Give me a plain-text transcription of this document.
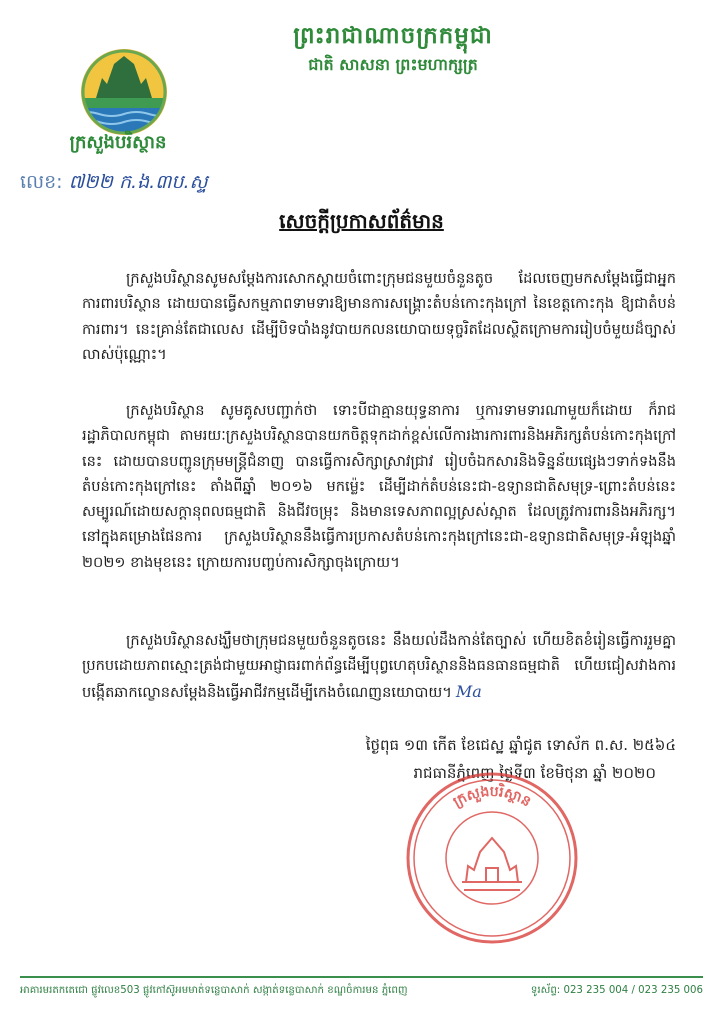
ព្រះរាជាណាចក្រកម្ពុជា
ជាតិ សាសនា ព្រះមហាក្សត្រ
ក្រសួងបរិស្ថាន
លេខ: ៧២២ ក.ង.៣ប.ស្ទ
សេចក្ដីប្រកាសព័ត៌មាន
ក្រសួងបរិស្ថានសូមសម្តែងការសោកស្តាយចំពោះក្រុមជនមួយចំនួនតូច ដែលចេញមកសម្តែងធ្វើជាអ្នកការពារបរិស្ថាន ដោយបានធ្វើសកម្មភាពទាមទារឱ្យមានការសង្គ្រោះតំបន់កោះកុងក្រៅ នៃខេត្តកោះកុង ឱ្យជាតំបន់ការពារ។ នេះគ្រាន់តែជាលេស ដើម្បីបិទបាំងនូវបាយកលនយោបាយទុច្ចរិតដែលស្ថិតក្រោមការរៀបចំមួយដ៏ច្បាស់លាស់ប៉ុណ្ណោះ។
ក្រសួងបរិស្ថាន សូមគូសបញ្ជាក់ថា ទោះបីជាគ្មានយុទ្ធនាការ ឬការទាមទារណាមួយក៏ដោយ ក៏រាជរដ្ឋាភិបាលកម្ពុជា តាមរយៈក្រសួងបរិស្ថានបានយកចិត្តទុកដាក់ខ្ពស់លើការងារការពារនិងអភិរក្សតំបន់កោះកុងក្រៅនេះ ដោយបានបញ្ជូនក្រុមមន្ត្រីជំនាញ បានធ្វើការសិក្សាស្រាវជ្រាវ រៀបចំឯកសារនិងទិន្នន័យផ្សេងៗទាក់ទងនឹងតំបន់កោះកុងក្រៅនេះ តាំងពីឆ្នាំ ២០១៦ មកម្ល៉េះ ដើម្បីដាក់តំបន់នេះជា-ឧទ្យានជាតិសមុទ្រ-ព្រោះតំបន់នេះសម្បូរណ៍ដោយសក្តានុពលធម្មជាតិ និងជីវចម្រុះ និងមានទេសភាពល្អស្រស់ស្អាត ដែលត្រូវការពារនិងអភិរក្ស។ នៅក្នុងគម្រោងផែនការ ក្រសួងបរិស្ថាននឹងធ្វើការប្រកាសតំបន់កោះកុងក្រៅនេះជា-ឧទ្យានជាតិសមុទ្រ-អំឡុងឆ្នាំ ២០២១ ខាងមុខនេះ ក្រោយការបញ្ចប់ការសិក្សាចុងក្រោយ។
ក្រសួងបរិស្ថានសង្ឃឹមថាក្រុមជនមួយចំនួនតូចនេះ នឹងយល់ដឹងកាន់តែច្បាស់ ហើយខិតខំរៀនធ្វើការរួមគ្នាប្រកបដោយភាពស្មោះត្រង់ជាមួយអាជ្ញាធរពាក់ព័ន្ធដើម្បីបុព្វហេតុបរិស្ថាននិងធនធានធម្មជាតិ ហើយជៀសវាងការបង្កើតឆាកល្ខោនសម្តែងនិងធ្វើអាជីវកម្មដើម្បីកេងចំណេញនយោបាយ។ Ma
ថ្ងៃពុធ ១៣ កើត ខែជេស្ឋ ឆ្នាំជូត ទោស័ក ព.ស. ២៥៦៤
រាជធានីភ្នំពេញ ថ្ងៃទី៣ ខែមិថុនា ឆ្នាំ ២០២០
ក្រសួងបរិស្ថាន
អាគារមរតកតេជោ ផ្លូវលេខ503 ផ្លូវកៅស៊ូអមមាត់ទន្លេបាសាក់ សង្កាត់ទន្លេបាសាក់ ខណ្ឌចំការមន ភ្នំពេញ	ទូរស័ព្ទ: 023 235 004 / 023 235 006
